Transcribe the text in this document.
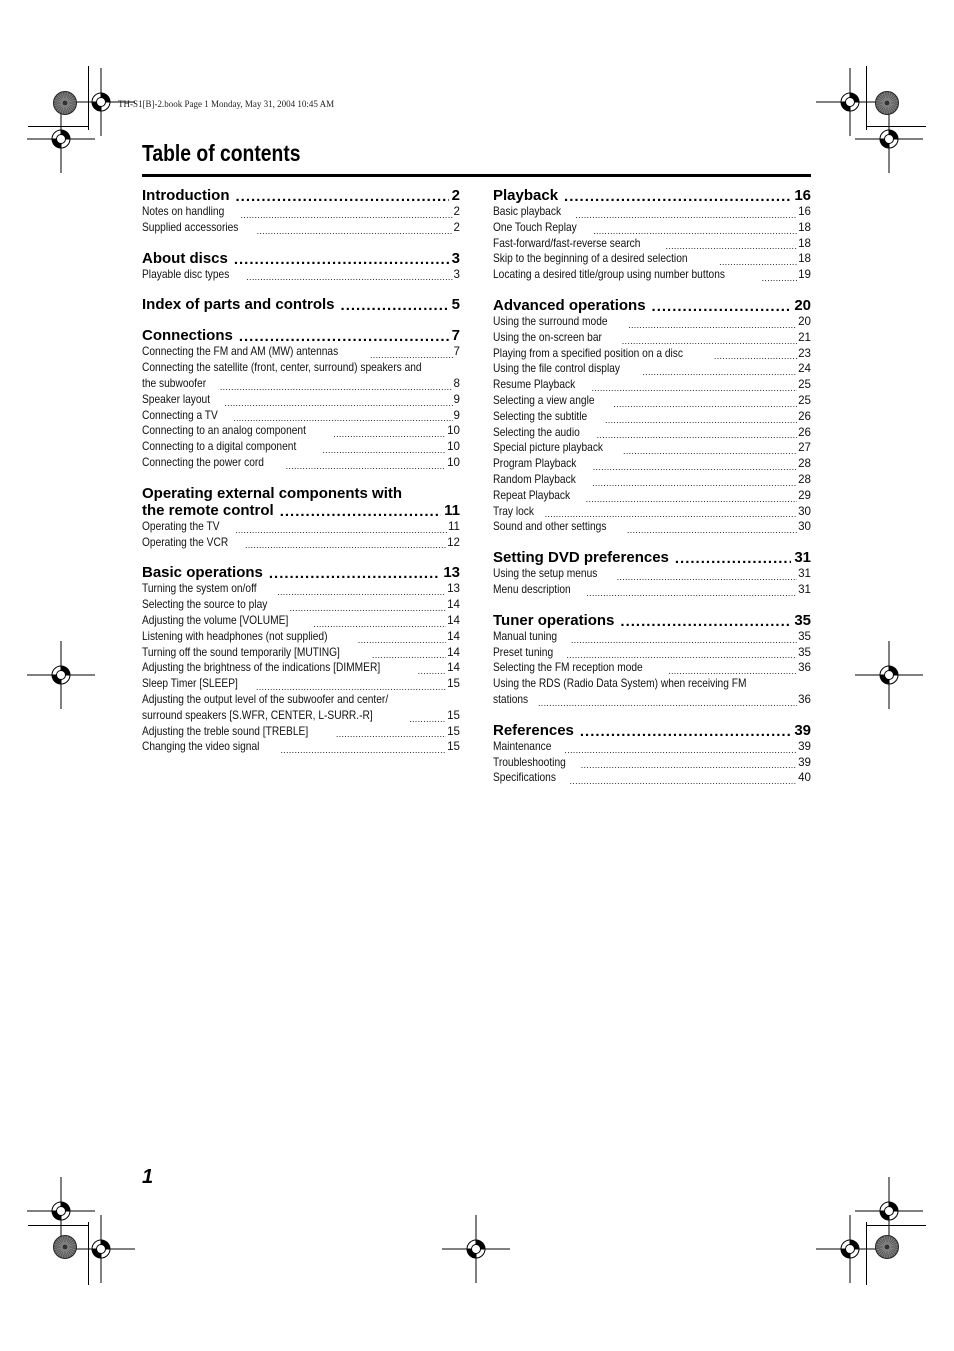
TH-S1[B]-2.book Page 1 Monday, May 31, 2004 10:45 AM
Table of contents
Introduction .....	2
Notes on handling .....	2
Supplied accessories .....	2
About discs .....	3
Playable disc types .....	3
Index of parts and controls .....	5
Connections .....	7
Connecting the FM and AM (MW) antennas .....	7
Connecting the satellite (front, center, surround) speakers and
the subwoofer .....	8
Speaker layout .....	9
Connecting a TV .....	9
Connecting to an analog component .....	10
Connecting to a digital component .....	10
Connecting the power cord .....	10
Operating external components with
the remote control .....	11
Operating the TV .....	11
Operating the VCR .....	12
Basic operations .....	13
Turning the system on/off .....	13
Selecting the source to play .....	14
Adjusting the volume [VOLUME] .....	14
Listening with headphones (not supplied) .....	14
Turning off the sound temporarily [MUTING] .....	14
Adjusting the brightness of the indications [DIMMER] .....	14
Sleep Timer [SLEEP] .....	15
Adjusting the output level of the subwoofer and center/
surround speakers [S.WFR, CENTER, L-SURR.-R] .....	15
Adjusting the treble sound [TREBLE] .....	15
Changing the video signal .....	15
Playback .....	16
Basic playback .....	16
One Touch Replay .....	18
Fast-forward/fast-reverse search .....	18
Skip to the beginning of a desired selection .....	18
Locating a desired title/group using number buttons .....	19
Advanced operations .....	20
Using the surround mode .....	20
Using the on-screen bar .....	21
Playing from a specified position on a disc .....	23
Using the file control display .....	24
Resume Playback .....	25
Selecting a view angle .....	25
Selecting the subtitle .....	26
Selecting the audio .....	26
Special picture playback .....	27
Program Playback .....	28
Random Playback .....	28
Repeat Playback .....	29
Tray lock .....	30
Sound and other settings .....	30
Setting DVD preferences .....	31
Using the setup menus .....	31
Menu description .....	31
Tuner operations .....	35
Manual tuning .....	35
Preset tuning .....	35
Selecting the FM reception mode .....	36
Using the RDS (Radio Data System) when receiving FM
stations .....	36
References .....	39
Maintenance .....	39
Troubleshooting .....	39
Specifications .....	40
1
